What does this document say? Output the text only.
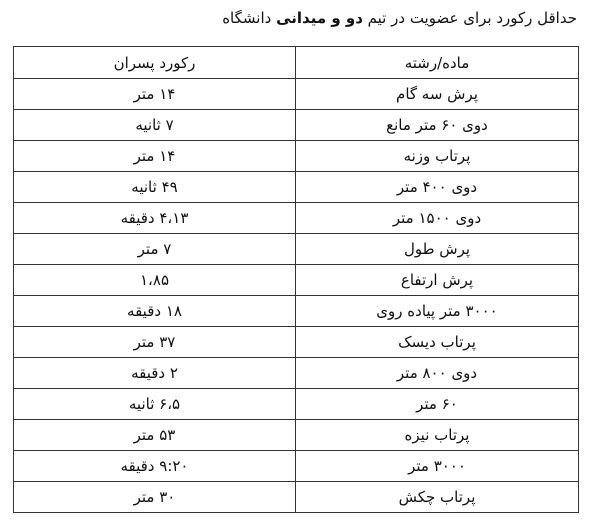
حداقل رکورد برای عضویت در تیم دو و میدانی دانشگاه
ماده/رشته	رکورد پسران
پرش سه گام	۱۴ متر
دوی ۶۰ متر مانع	۷ ثانیه
پرتاب وزنه	۱۴ متر
دوی ۴۰۰ متر	۴۹ ثانیه
دوی ۱۵۰۰ متر	۴،۱۳ دقیقه
پرش طول	۷ متر
پرش ارتفاع	۱،۸۵
۳۰۰۰ متر پیاده روی	۱۸ دقیقه
پرتاب دیسک	۳۷ متر
دوی ۸۰۰ متر	۲ دقیقه
۶۰ متر	۶،۵ ثانیه
پرتاب نیزه	۵۳ متر
۳۰۰۰ متر	۹:۲۰ دقیقه
پرتاب چکش	۳۰ متر
